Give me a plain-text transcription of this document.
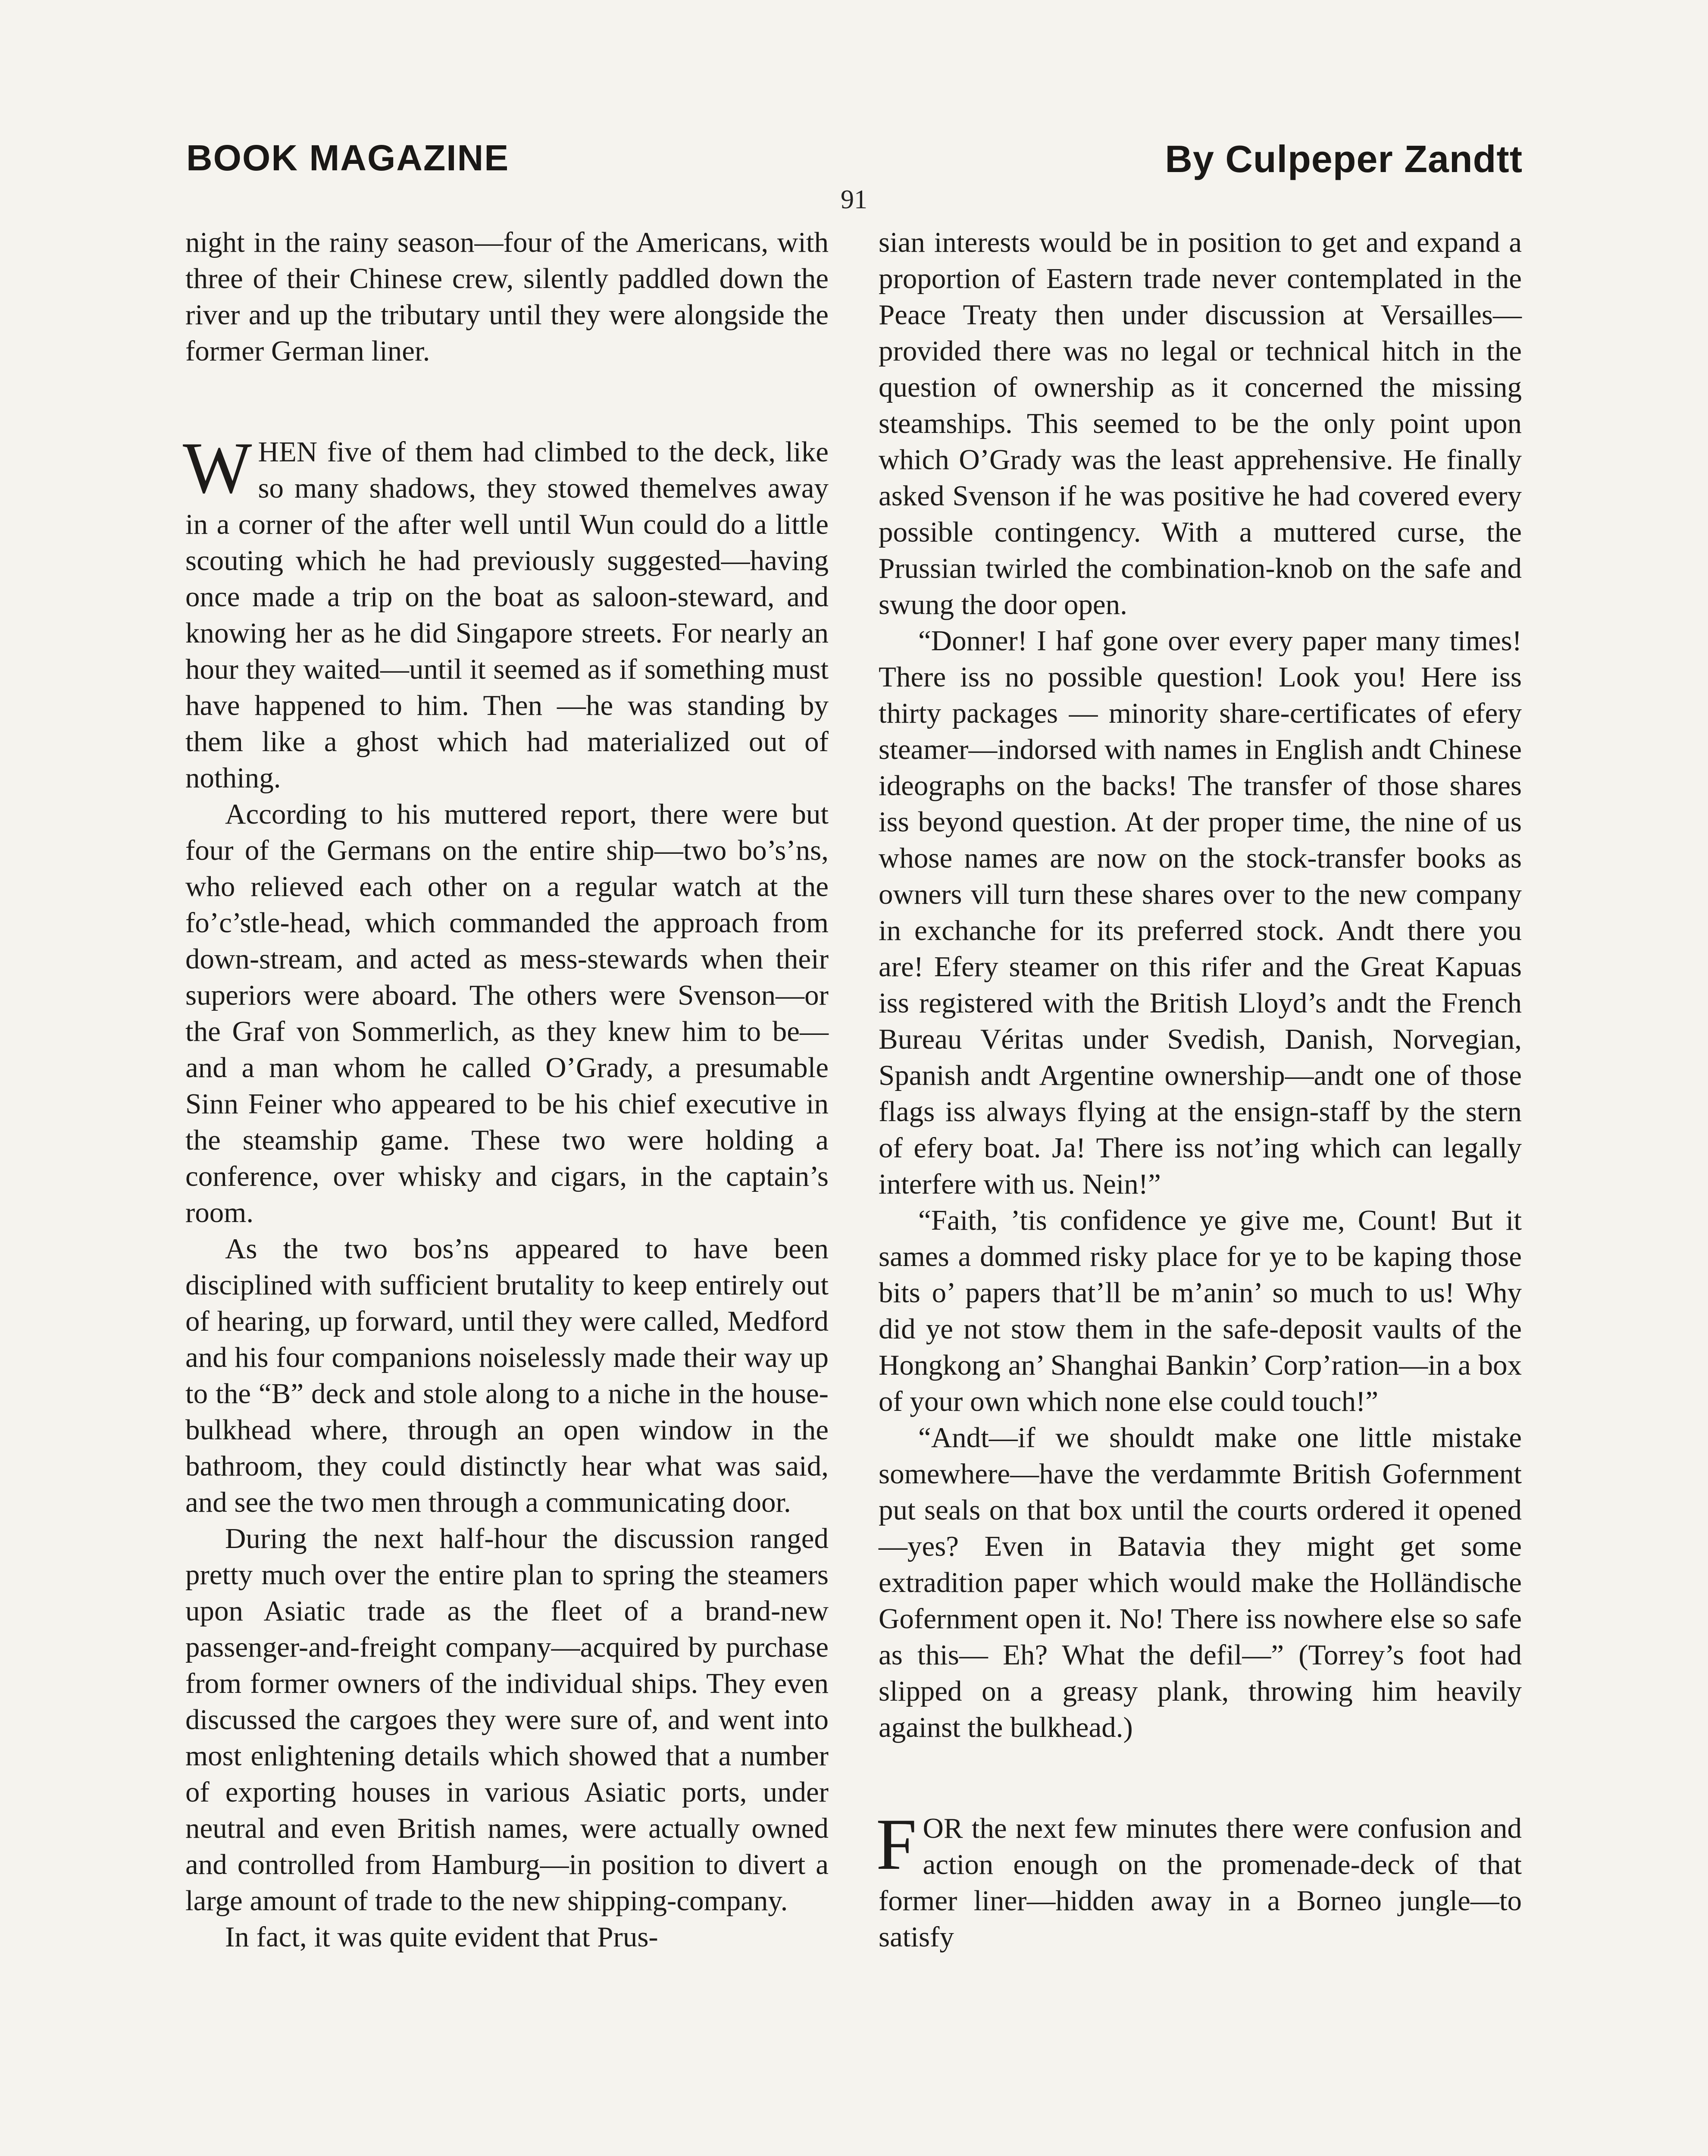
BOOK MAGAZINE	By Culpeper Zandtt
91

night in the rainy season—four of the Americans, with three of their Chinese crew, silently paddled down the river and up the tributary until they were alongside the former German liner.

WHEN five of them had climbed to the deck, like so many shadows, they stowed themelves away in a corner of the after well until Wun could do a little scouting which he had previously suggested—having once made a trip on the boat as saloon-steward, and knowing her as he did Singapore streets. For nearly an hour they waited—until it seemed as if something must have happened to him. Then —he was standing by them like a ghost which had materialized out of nothing.

According to his muttered report, there were but four of the Germans on the entire ship—two bo’s’ns, who relieved each other on a regular watch at the fo’c’stle-head, which commanded the approach from down-stream, and acted as mess-stewards when their superiors were aboard. The others were Svenson—or the Graf von Sommerlich, as they knew him to be—and a man whom he called O’Grady, a presumable Sinn Feiner who appeared to be his chief executive in the steamship game. These two were holding a conference, over whisky and cigars, in the captain’s room.

As the two bos’ns appeared to have been disciplined with sufficient brutality to keep entirely out of hearing, up forward, until they were called, Medford and his four companions noiselessly made their way up to the “B” deck and stole along to a niche in the house-bulkhead where, through an open window in the bathroom, they could distinctly hear what was said, and see the two men through a communicating door.

During the next half-hour the discussion ranged pretty much over the entire plan to spring the steamers upon Asiatic trade as the fleet of a brand-new passenger-and-freight company—acquired by purchase from former owners of the individual ships. They even discussed the cargoes they were sure of, and went into most enlightening details which showed that a number of exporting houses in various Asiatic ports, under neutral and even British names, were actually owned and controlled from Hamburg—in position to divert a large amount of trade to the new shipping-company.

In fact, it was quite evident that Prus-

sian interests would be in position to get and expand a proportion of Eastern trade never contemplated in the Peace Treaty then under discussion at Versailles—provided there was no legal or technical hitch in the question of ownership as it concerned the missing steamships. This seemed to be the only point upon which O’Grady was the least apprehensive. He finally asked Svenson if he was positive he had covered every possible contingency. With a muttered curse, the Prussian twirled the combination-knob on the safe and swung the door open.

“Donner! I haf gone over every paper many times! There iss no possible question! Look you! Here iss thirty packages — minority share-certificates of efery steamer—indorsed with names in English andt Chinese ideographs on the backs! The transfer of those shares iss beyond question. At der proper time, the nine of us whose names are now on the stock-transfer books as owners vill turn these shares over to the new company in exchanche for its preferred stock. Andt there you are! Efery steamer on this rifer and the Great Kapuas iss registered with the British Lloyd’s andt the French Bureau Véritas under Svedish, Danish, Norvegian, Spanish andt Argentine ownership—andt one of those flags iss always flying at the ensign-staff by the stern of efery boat. Ja! There iss not’ing which can legally interfere with us. Nein!”

“Faith, ’tis confidence ye give me, Count! But it sames a dommed risky place for ye to be kaping those bits o’ papers that’ll be m’anin’ so much to us! Why did ye not stow them in the safe-deposit vaults of the Hongkong an’ Shanghai Bankin’ Corp’ration—in a box of your own which none else could touch!”

“Andt—if we shouldt make one little mistake somewhere—have the verdammte British Gofernment put seals on that box until the courts ordered it opened—yes? Even in Batavia they might get some extradition paper which would make the Holländische Gofernment open it. No! There iss nowhere else so safe as this— Eh? What the defil—” (Torrey’s foot had slipped on a greasy plank, throwing him heavily against the bulkhead.)

FOR the next few minutes there were confusion and action enough on the promenade-deck of that former liner—hidden away in a Borneo jungle—to satisfy
